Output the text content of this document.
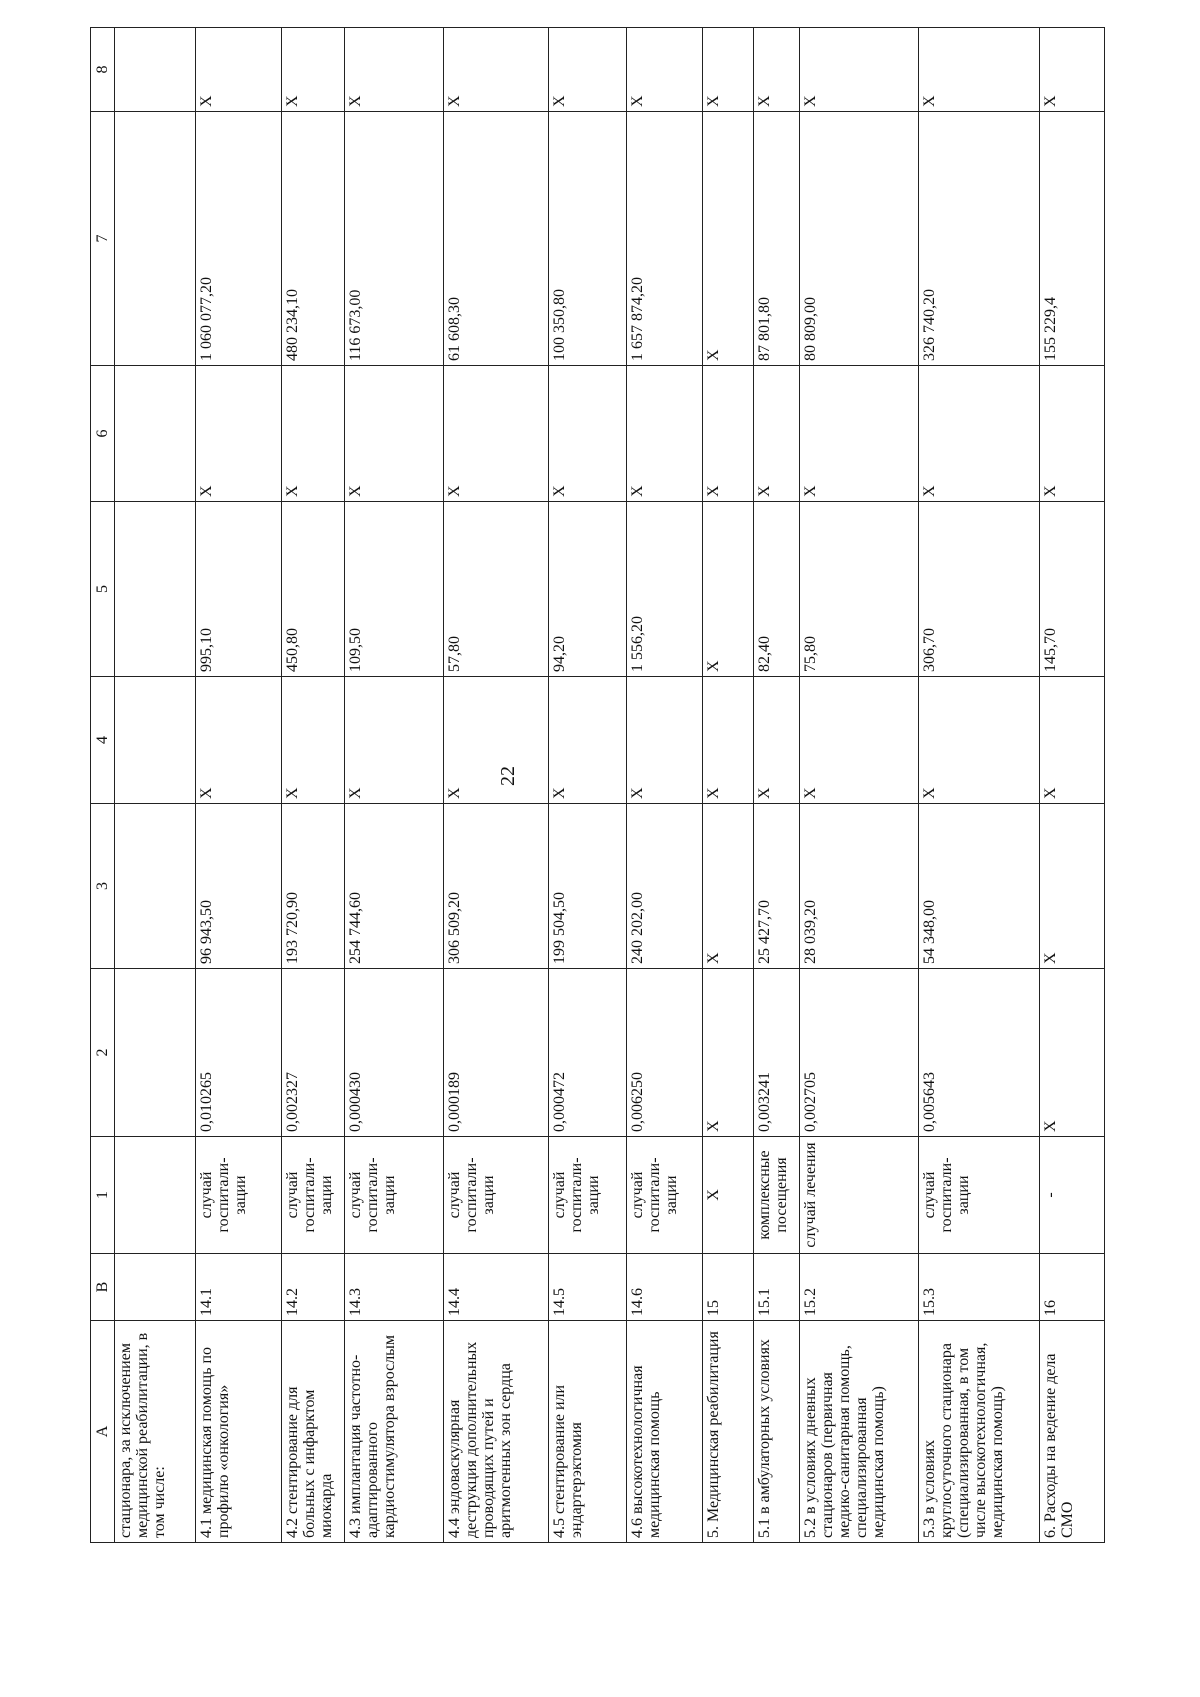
22
А	В	1	2	3	4	5	6	7	8
стационара, за исключением медицинской реабилитации, в том числе:									
4.1 медицинская помощь по профилю «онкология»	14.1	случай госпитали-зации	0,010265	96 943,50	Х	995,10	Х	1 060 077,20	Х
4.2 стентирование для больных с инфарктом миокарда	14.2	случай госпитали-зации	0,002327	193 720,90	Х	450,80	Х	480 234,10	Х
4.3 имплантация частотно-адаптированного кардиостимулятора взрослым	14.3	случай госпитали-зации	0,000430	254 744,60	Х	109,50	Х	116 673,00	Х
4.4 эндоваскулярная деструкция дополнительных проводящих путей и аритмогенных зон сердца	14.4	случай госпитали-зации	0,000189	306 509,20	Х	57,80	Х	61 608,30	Х
4.5 стентирование или эндартерэктомия	14.5	случай госпитали-зации	0,000472	199 504,50	Х	94,20	Х	100 350,80	Х
4.6 высокотехнологичная медицинская помощь	14.6	случай госпитали-зации	0,006250	240 202,00	Х	1 556,20	Х	1 657 874,20	Х
5. Медицинская реабилитация	15	Х	Х	Х	Х	Х	Х	Х	Х
5.1 в амбулаторных условиях	15.1	комплексные посещения	0,003241	25 427,70	Х	82,40	Х	87 801,80	Х
5.2 в условиях дневных стационаров (первичная медико-санитарная помощь, специализированная медицинская помощь)	15.2	случай лечения	0,002705	28 039,20	Х	75,80	Х	80 809,00	Х
5.3 в условиях круглосуточного стационара (специализированная, в том числе высокотехнологичная, медицинская помощь)	15.3	случай госпитали-зации	0,005643	54 348,00	Х	306,70	Х	326 740,20	Х
6. Расходы на ведение дела СМО	16	-	Х	Х	Х	145,70	Х	155 229,4	Х
